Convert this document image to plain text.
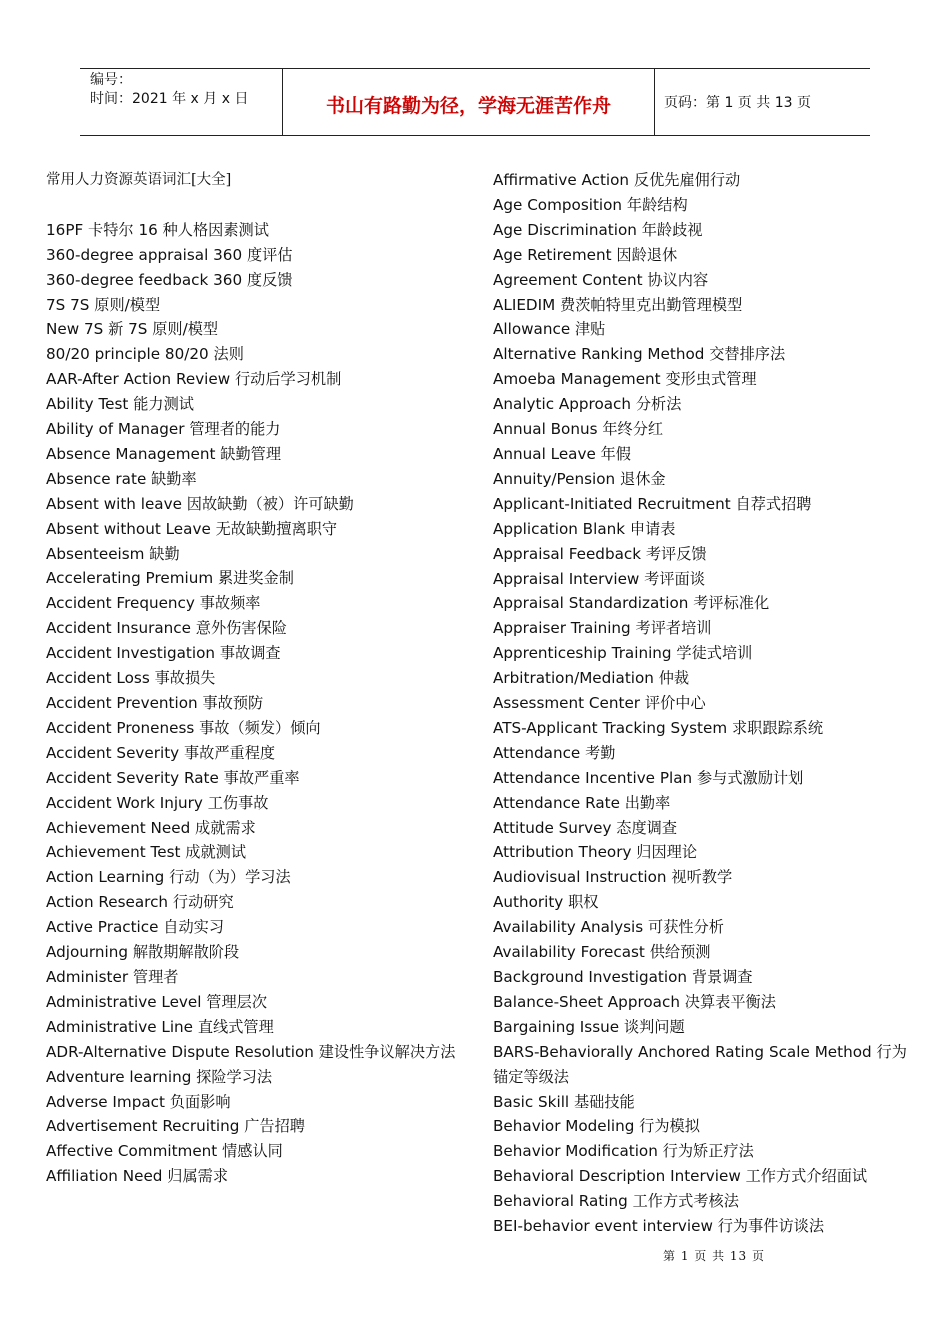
编号：
时间：2021 年 x 月 x 日	书山有路勤为径，学海无涯苦作舟	页码：第 1 页 共 13 页
常用人力资源英语词汇[大全]
16PF 卡特尔 16 种人格因素测试
360-degree appraisal 360 度评估
360-degree feedback 360 度反馈
7S 7S 原则/模型
New 7S 新 7S 原则/模型
80/20 principle 80/20 法则
AAR-After Action Review 行动后学习机制
Ability Test 能力测试
Ability of Manager 管理者的能力
Absence Management 缺勤管理
Absence rate 缺勤率
Absent with leave 因故缺勤（被）许可缺勤
Absent without Leave 无故缺勤擅离职守
Absenteeism 缺勤
Accelerating Premium 累进奖金制
Accident Frequency 事故频率
Accident Insurance 意外伤害保险
Accident Investigation 事故调查
Accident Loss 事故损失
Accident Prevention 事故预防
Accident Proneness 事故（频发）倾向
Accident Severity 事故严重程度
Accident Severity Rate 事故严重率
Accident Work Injury 工伤事故
Achievement Need 成就需求
Achievement Test 成就测试
Action Learning 行动（为）学习法
Action Research 行动研究
Active Practice 自动实习
Adjourning 解散期解散阶段
Administer 管理者
Administrative Level 管理层次
Administrative Line 直线式管理
ADR-Alternative Dispute Resolution 建设性争议解决方法
Adventure learning 探险学习法
Adverse Impact 负面影响
Advertisement Recruiting 广告招聘
Affective Commitment 情感认同
Affiliation Need 归属需求
Affirmative Action 反优先雇佣行动
Age Composition 年龄结构
Age Discrimination 年龄歧视
Age Retirement 因龄退休
Agreement Content 协议内容
ALIEDIM 费茨帕特里克出勤管理模型
Allowance 津贴
Alternative Ranking Method 交替排序法
Amoeba Management 变形虫式管理
Analytic Approach 分析法
Annual Bonus 年终分红
Annual Leave 年假
Annuity/Pension 退休金
Applicant-Initiated Recruitment 自荐式招聘
Application Blank 申请表
Appraisal Feedback 考评反馈
Appraisal Interview 考评面谈
Appraisal Standardization 考评标准化
Appraiser Training 考评者培训
Apprenticeship Training 学徒式培训
Arbitration/Mediation 仲裁
Assessment Center 评价中心
ATS-Applicant Tracking System 求职跟踪系统
Attendance 考勤
Attendance Incentive Plan 参与式激励计划
Attendance Rate 出勤率
Attitude Survey 态度调查
Attribution Theory 归因理论
Audiovisual Instruction 视听教学
Authority 职权
Availability Analysis 可获性分析
Availability Forecast 供给预测
Background Investigation 背景调查
Balance-Sheet Approach 决算表平衡法
Bargaining Issue 谈判问题
BARS-Behaviorally Anchored Rating Scale Method 行为锚定等级法
Basic Skill 基础技能
Behavior Modeling 行为模拟
Behavior Modification 行为矫正疗法
Behavioral Description Interview 工作方式介绍面试
Behavioral Rating 工作方式考核法
BEI-behavior event interview 行为事件访谈法
第 1 页 共 13 页
